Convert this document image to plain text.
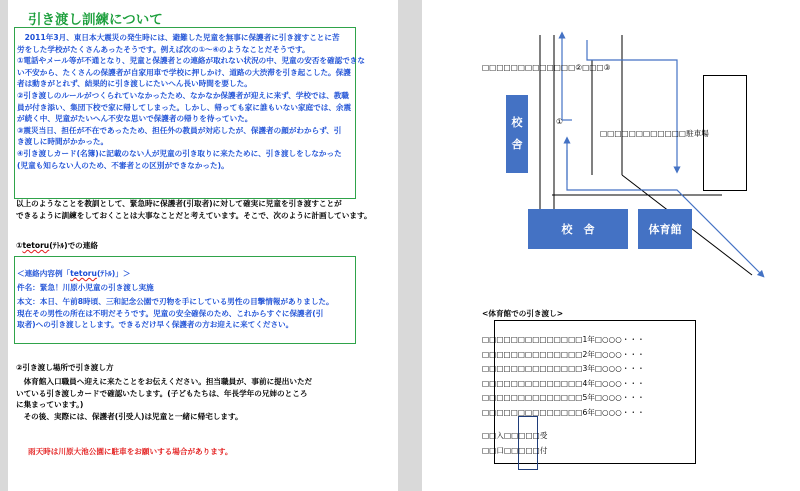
引き渡し訓練について
　2011年3月、東日本大震災の発生時には、避難した児童を無事に保護者に引き渡すことに苦
労をした学校がたくさんあったそうです。例えば次の①～④のようなことだそうです。
①電話やメール等が不通となり、児童と保護者との連絡が取れない状況の中、児童の安否を確認できな
い不安から、たくさんの保護者が自家用車で学校に押しかけ、道路の大渋滞を引き起こした。保護
者は動きがとれず、結果的に引き渡しにたいへん長い時間を要した。
②引き渡しのルールがつくられていなかったため、なかなか保護者が迎えに来ず、学校では、教職
員が付き添い、集団下校で家に帰してしまった。しかし、帰っても家に誰もいない家庭では、余震
が続く中、児童がたいへん不安な思いで保護者の帰りを待っていた。
③震災当日、担任が不在であったため、担任外の教員が対応したが、保護者の顔がわからず、引
き渡しに時間がかかった。
④引き渡しカード(名簿)に記載のない人が児童の引き取りに来たために、引き渡しをしなかった
(児童も知らない人のため、不審者との区別ができなかった)。
以上のようなことを教訓として、緊急時に保護者(引取者)に対して確実に児童を引き渡すことが
できるように訓練をしておくことは大事なことだと考えています。そこで、次のように計画しています。
①tetoru(ﾃﾄﾙ)での連絡
＜連絡内容例「tetoru(ﾃﾄﾙ)」＞
件名：緊急！川原小児童の引き渡し実施
本文：本日、午前8時頃、三和記念公園で刃物を手にしている男性の目撃情報がありました。
現在その男性の所在は不明だそうです。児童の安全確保のため、これからすぐに保護者(引
取者)への引き渡しとします。できるだけ早く保護者の方お迎えに来てください。
②引き渡し場所で引き渡し方
　体育館入口職員へ迎えに来たことをお伝えください。担当職員が、事前に提出いただ
いている引き渡しカードで確認いたします。(子どもたちは、年長学年の兄姉のところ
に集まっています。)
　その後、実際には、保護者(引受人)は児童と一緒に帰宅します。
雨天時は川原大池公園に駐車をお願いする場合があります。
□□□□□□□□□□□□□②□□□③
①
□□□□□□□□□□□□駐車場
校
舎
校　舎	体育館
<体育館での引き渡し>
□□□□□□□□□□□□□□1年□○○○・・・
□□□□□□□□□□□□□□2年□○○○・・・
□□□□□□□□□□□□□□3年□○○○・・・
□□□□□□□□□□□□□□4年□○○○・・・
□□□□□□□□□□□□□□5年□○○○・・・
□□□□□□□□□□□□□□6年□○○○・・・
□□入□□□□□受
□□口□□□□□付
